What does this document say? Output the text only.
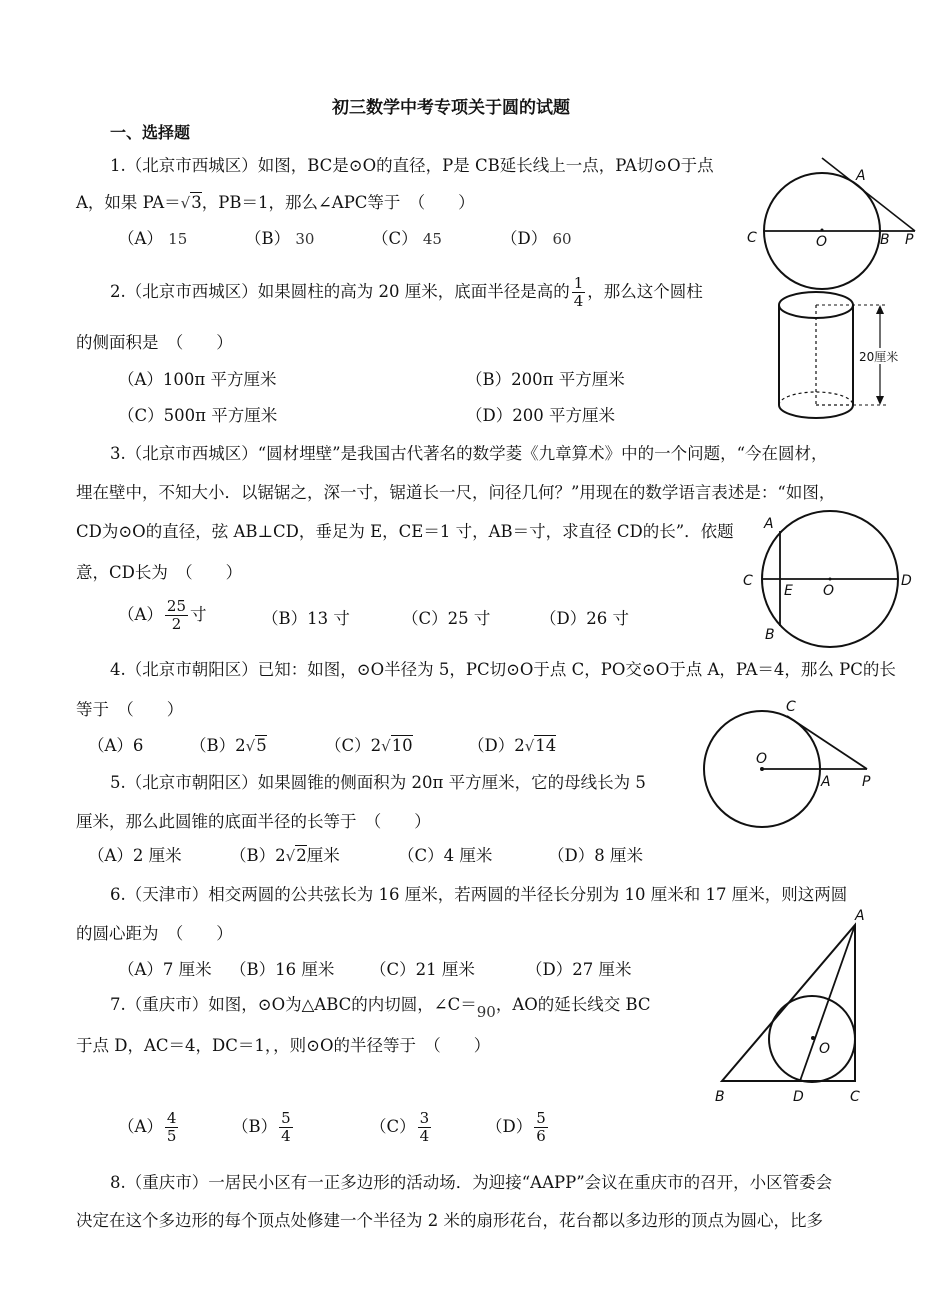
初三数学中考专项关于圆的试题
一、选择题
1.（北京市西城区）如图，BC是⊙O的直径，P是 CB延长线上一点，PA切⊙O于点
A，如果 PA＝√3，PB＝1，那么∠APC等于　（　　）
（A） 15	（B） 30	（C） 45	（D） 60
A
C	O	B P
2.（北京市西城区）如果圆柱的高为 20 厘米，底面半径是高的 $\frac{1}{4}$ ，那么这个圆柱
的侧面积是　（　　）
（A）100π 平方厘米	（B）200π 平方厘米
（C）500π 平方厘米	（D）200 平方厘米
20厘米
3.（北京市西城区）“圆材埋壁”是我国古代著名的数学菱《九章算术》中的一个问题，“今在圆材，
埋在壁中，不知大小．以锯锯之，深一寸，锯道长一尺，问径几何？”用现在的数学语言表述是：“如图，
CD为⊙O的直径，弦 AB⊥CD，垂足为 E，CE＝1 寸，AB＝寸，求直径 CD的长”．依题
意，CD长为　（　　）
$(A) \frac{25}{2}$ 寸	（B）13 寸	（C）25 寸	（D）26 寸
A
C
E O
D
B
4.（北京市朝阳区）已知：如图，⊙O半径为 5，PC切⊙O于点 C，PO交⊙O于点 A，PA＝4，那么 PC的长
等于　（　　）
（A）6	（B）2√5	（C）2√10	（D）2√14
C
O
A P
5.（北京市朝阳区）如果圆锥的侧面积为 20π 平方厘米，它的母线长为 5
厘米，那么此圆锥的底面半径的长等于　（　　）
（A）2 厘米	（B）2√2厘米	（C）4 厘米	（D）8 厘米
6.（天津市）相交两圆的公共弦长为 16 厘米，若两圆的半径长分别为 10 厘米和 17 厘米，则这两圆
的圆心距为　（　　）
（A）7 厘米 （B）16 厘米 （C）21 厘米	（D）27 厘米
7.（重庆市）如图，⊙O为△ABC的内切圆，∠C＝90，AO的延长线交 BC
于点 D，AC＝4，DC＝1，，则⊙O的半径等于　（　　）
$(A) \frac{4}{5}$	$(B) \frac{5}{4}$	$(C) \frac{3}{4}$	$(D) \frac{5}{6}$
A
O
B	D	C
8.（重庆市）一居民小区有一正多边形的活动场．为迎接“AAPP”会议在重庆市的召开，小区管委会
决定在这个多边形的每个顶点处修建一个半径为 2 米的扇形花台，花台都以多边形的顶点为圆心，比多
